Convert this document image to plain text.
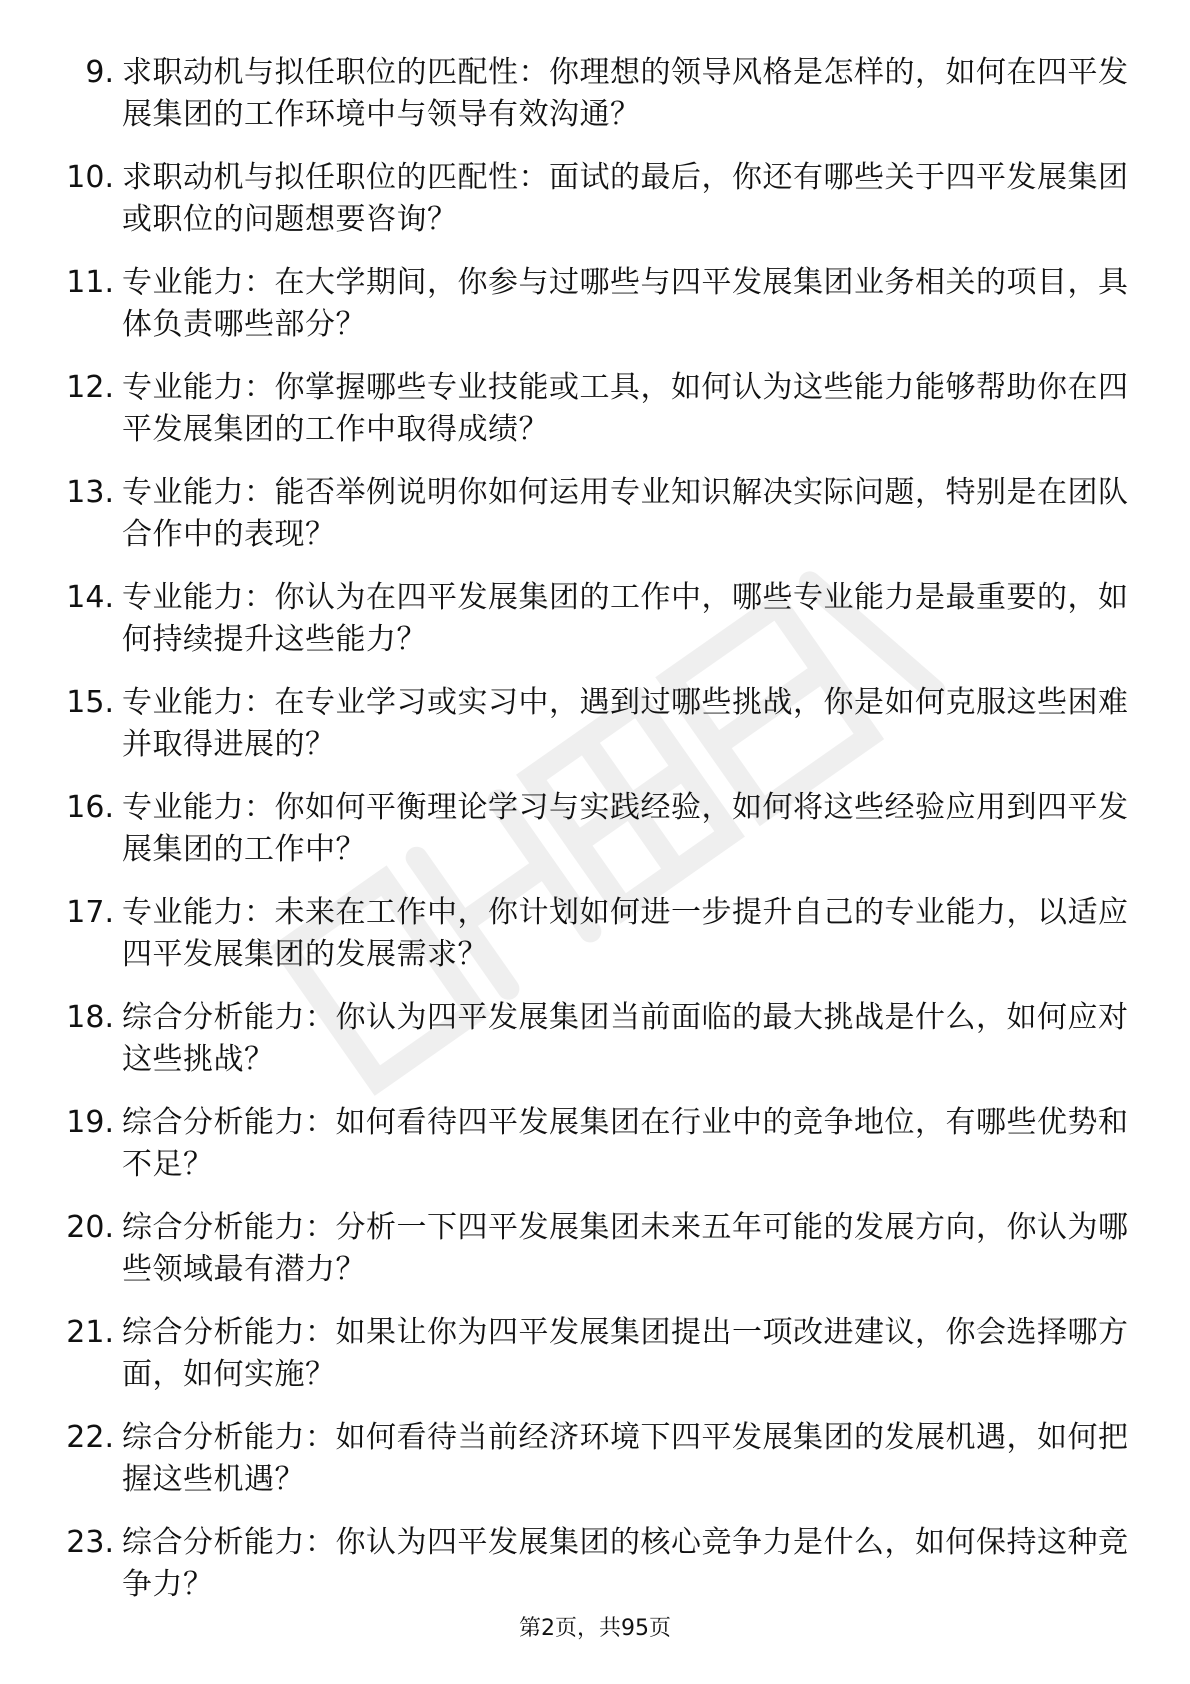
9. 求职动机与拟任职位的匹配性：你理想的领导风格是怎样的，如何在四平发展集团的工作环境中与领导有效沟通？
10. 求职动机与拟任职位的匹配性：面试的最后，你还有哪些关于四平发展集团或职位的问题想要咨询？
11. 专业能力：在大学期间，你参与过哪些与四平发展集团业务相关的项目，具体负责哪些部分？
12. 专业能力：你掌握哪些专业技能或工具，如何认为这些能力能够帮助你在四平发展集团的工作中取得成绩？
13. 专业能力：能否举例说明你如何运用专业知识解决实际问题，特别是在团队合作中的表现？
14. 专业能力：你认为在四平发展集团的工作中，哪些专业能力是最重要的，如何持续提升这些能力？
15. 专业能力：在专业学习或实习中，遇到过哪些挑战，你是如何克服这些困难并取得进展的？
16. 专业能力：你如何平衡理论学习与实践经验，如何将这些经验应用到四平发展集团的工作中？
17. 专业能力：未来在工作中，你计划如何进一步提升自己的专业能力，以适应四平发展集团的发展需求？
18. 综合分析能力：你认为四平发展集团当前面临的最大挑战是什么，如何应对这些挑战？
19. 综合分析能力：如何看待四平发展集团在行业中的竞争地位，有哪些优势和不足？
20. 综合分析能力：分析一下四平发展集团未来五年可能的发展方向，你认为哪些领域最有潜力？
21. 综合分析能力：如果让你为四平发展集团提出一项改进建议，你会选择哪方面，如何实施？
22. 综合分析能力：如何看待当前经济环境下四平发展集团的发展机遇，如何把握这些机遇？
23. 综合分析能力：你认为四平发展集团的核心竞争力是什么，如何保持这种竞争力？
第2页，共95页
